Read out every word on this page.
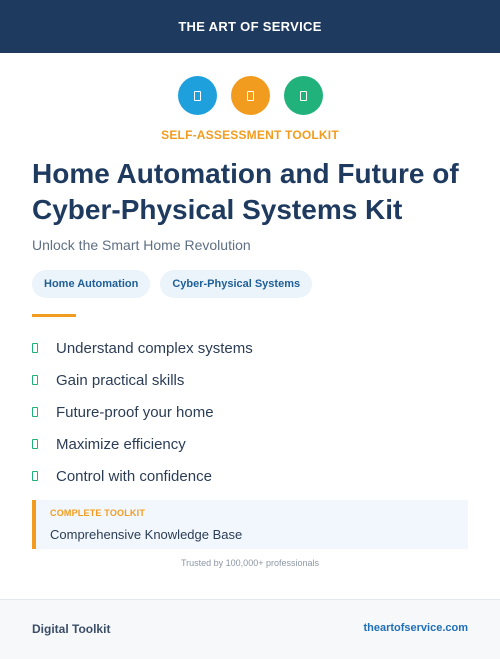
THE ART OF SERVICE
SELF-ASSESSMENT TOOLKIT
Home Automation and Future of Cyber-Physical Systems Kit
Unlock the Smart Home Revolution
Home Automation	Cyber-Physical Systems
Understand complex systems
Gain practical skills
Future-proof your home
Maximize efficiency
Control with confidence
COMPLETE TOOLKIT
Comprehensive Knowledge Base
Trusted by 100,000+ professionals
Digital Toolkit	theartofservice.com
